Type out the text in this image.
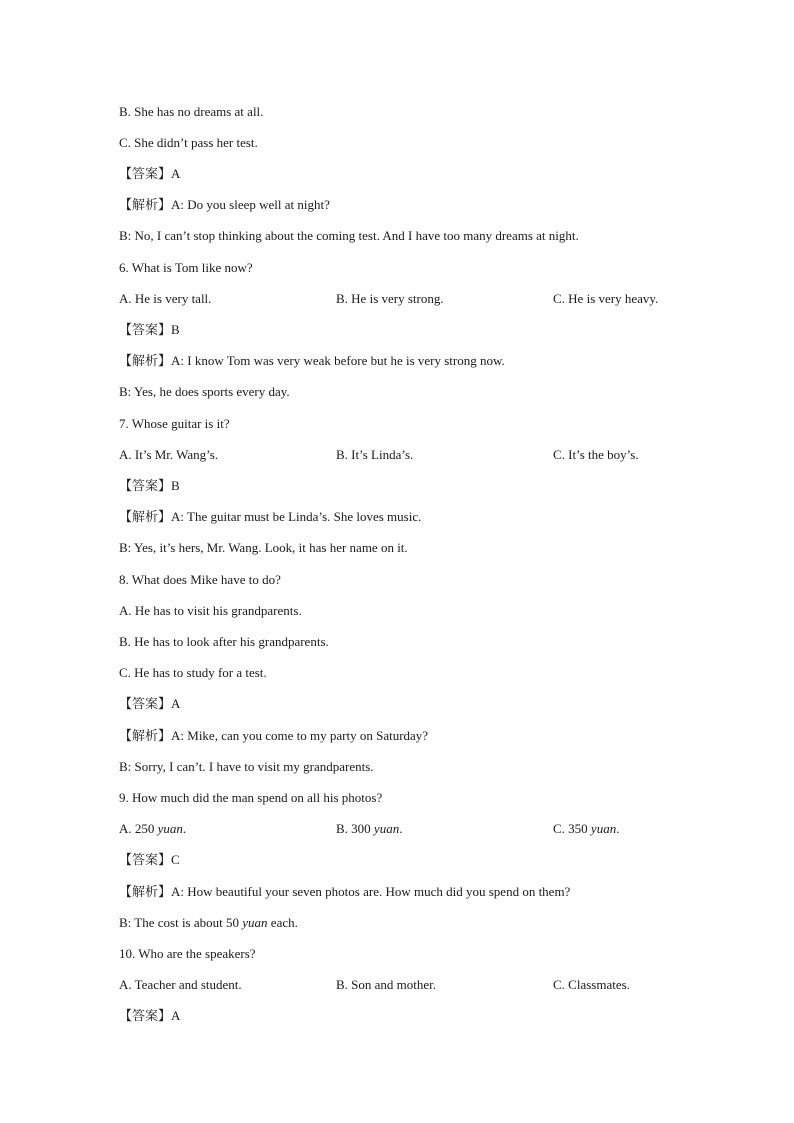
B. She has no dreams at all.
C. She didn’t pass her test.
【答案】A
【解析】A: Do you sleep well at night?
B: No, I can’t stop thinking about the coming test. And I have too many dreams at night.
6. What is Tom like now?
A. He is very tall.	B. He is very strong.	C. He is very heavy.
【答案】B
【解析】A: I know Tom was very weak before but he is very strong now.
B: Yes, he does sports every day.
7. Whose guitar is it?
A. It’s Mr. Wang’s.	B. It’s Linda’s.	C. It’s the boy’s.
【答案】B
【解析】A: The guitar must be Linda’s. She loves music.
B: Yes, it’s hers, Mr. Wang. Look, it has her name on it.
8. What does Mike have to do?
A. He has to visit his grandparents.
B. He has to look after his grandparents.
C. He has to study for a test.
【答案】A
【解析】A: Mike, can you come to my party on Saturday?
B: Sorry, I can’t. I have to visit my grandparents.
9. How much did the man spend on all his photos?
A. 250 yuan.	B. 300 yuan.	C. 350 yuan.
【答案】C
【解析】A: How beautiful your seven photos are. How much did you spend on them?
B: The cost is about 50 yuan each.
10. Who are the speakers?
A. Teacher and student.	B. Son and mother.	C. Classmates.
【答案】A
